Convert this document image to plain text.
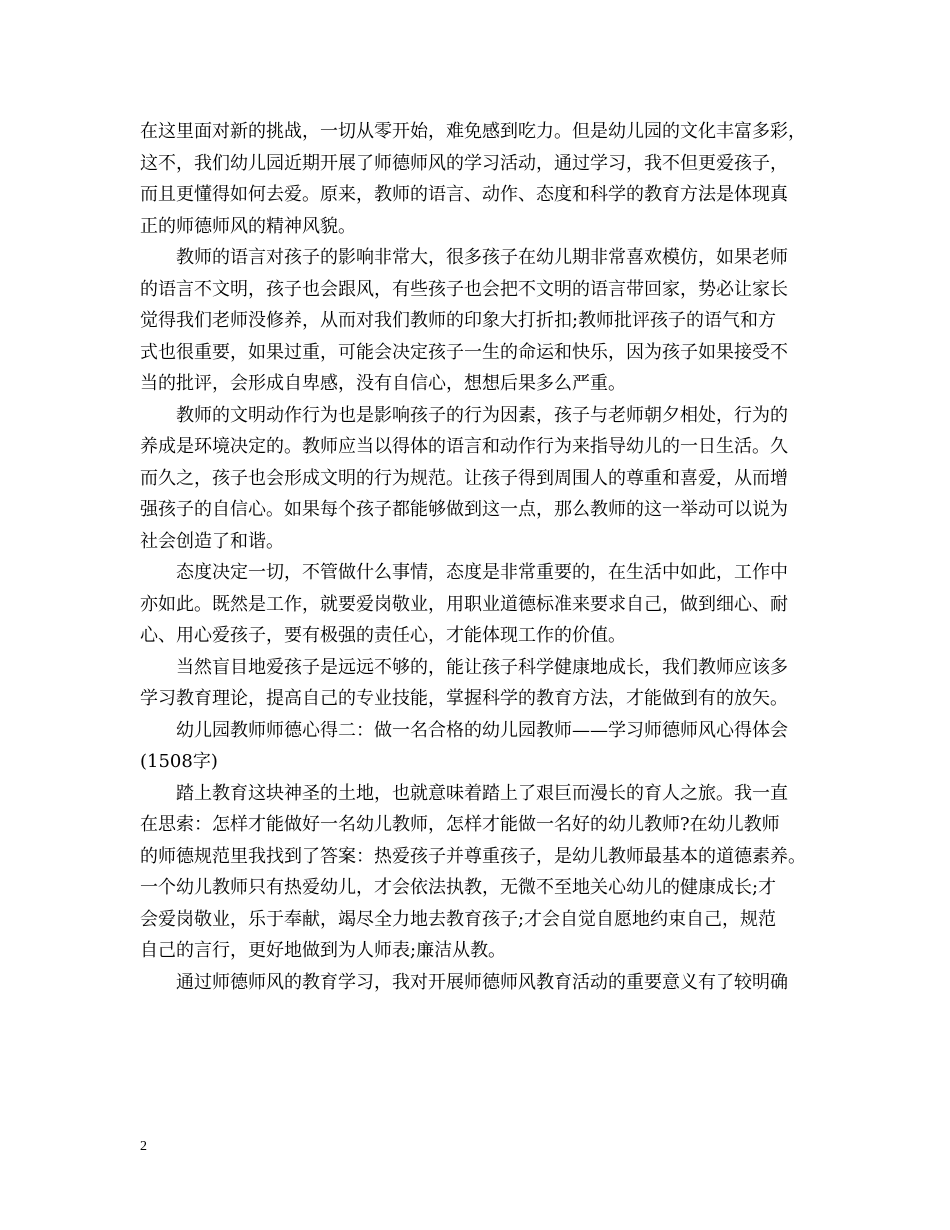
在这里面对新的挑战，一切从零开始，难免感到吃力。但是幼儿园的文化丰富多彩，
这不，我们幼儿园近期开展了师德师风的学习活动，通过学习，我不但更爱孩子，
而且更懂得如何去爱。原来，教师的语言、动作、态度和科学的教育方法是体现真
正的师德师风的精神风貌。
教师的语言对孩子的影响非常大，很多孩子在幼儿期非常喜欢模仿，如果老师
的语言不文明，孩子也会跟风，有些孩子也会把不文明的语言带回家，势必让家长
觉得我们老师没修养，从而对我们教师的印象大打折扣;教师批评孩子的语气和方
式也很重要，如果过重，可能会决定孩子一生的命运和快乐，因为孩子如果接受不
当的批评，会形成自卑感，没有自信心，想想后果多么严重。
教师的文明动作行为也是影响孩子的行为因素，孩子与老师朝夕相处，行为的
养成是环境决定的。教师应当以得体的语言和动作行为来指导幼儿的一日生活。久
而久之，孩子也会形成文明的行为规范。让孩子得到周围人的尊重和喜爱，从而增
强孩子的自信心。如果每个孩子都能够做到这一点，那么教师的这一举动可以说为
社会创造了和谐。
态度决定一切，不管做什么事情，态度是非常重要的，在生活中如此，工作中
亦如此。既然是工作，就要爱岗敬业，用职业道德标准来要求自己，做到细心、耐
心、用心爱孩子，要有极强的责任心，才能体现工作的价值。
当然盲目地爱孩子是远远不够的，能让孩子科学健康地成长，我们教师应该多
学习教育理论，提高自己的专业技能，掌握科学的教育方法，才能做到有的放矢。
幼儿园教师师德心得二：做一名合格的幼儿园教师——学习师德师风心得体会
(1508字)
踏上教育这块神圣的土地，也就意味着踏上了艰巨而漫长的育人之旅。我一直
在思索：怎样才能做好一名幼儿教师，怎样才能做一名好的幼儿教师?在幼儿教师
的师德规范里我找到了答案：热爱孩子并尊重孩子，是幼儿教师最基本的道德素养。
一个幼儿教师只有热爱幼儿，才会依法执教，无微不至地关心幼儿的健康成长;才
会爱岗敬业，乐于奉献，竭尽全力地去教育孩子;才会自觉自愿地约束自己，规范
自己的言行，更好地做到为人师表;廉洁从教。
通过师德师风的教育学习，我对开展师德师风教育活动的重要意义有了较明确
2
